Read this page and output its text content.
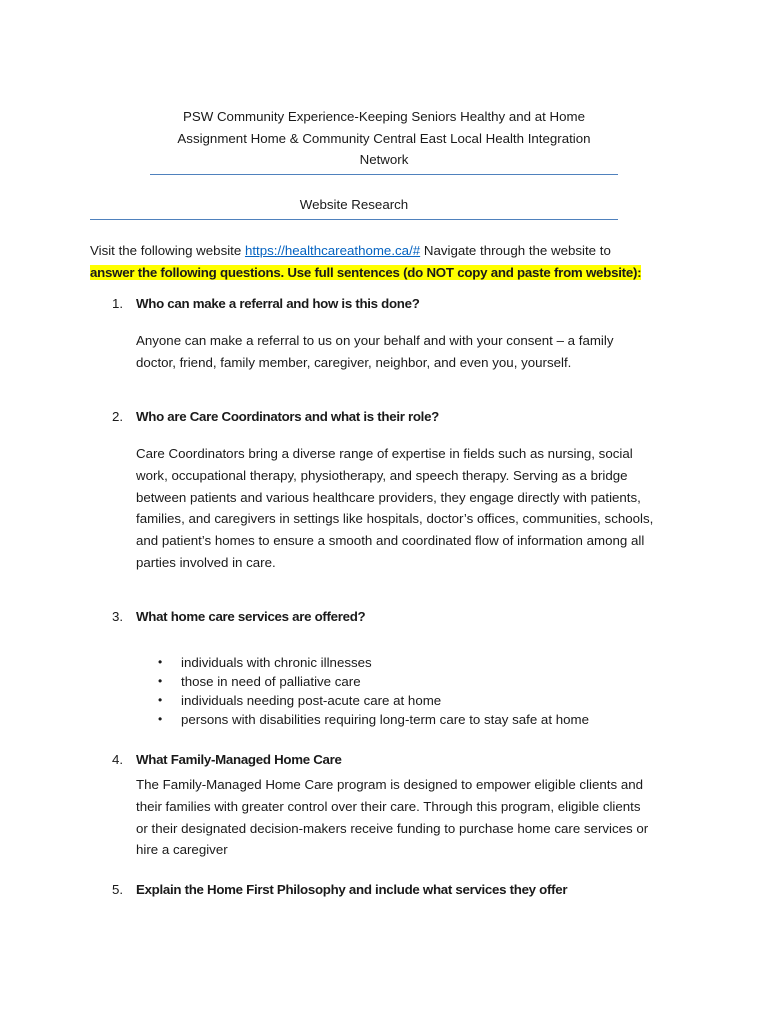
PSW Community Experience-Keeping Seniors Healthy and at Home
Assignment Home & Community Central East Local Health Integration
Network
Website Research
Visit the following website https://healthcareathome.ca/# Navigate through the website to
answer the following questions. Use full sentences (do NOT copy and paste from website):
1. Who can make a referral and how is this done?
Anyone can make a referral to us on your behalf and with your consent – a family
doctor, friend, family member, caregiver, neighbor, and even you, yourself.
2. Who are Care Coordinators and what is their role?
Care Coordinators bring a diverse range of expertise in fields such as nursing, social
work, occupational therapy, physiotherapy, and speech therapy. Serving as a bridge
between patients and various healthcare providers, they engage directly with patients,
families, and caregivers in settings like hospitals, doctor’s offices, communities, schools,
and patient’s homes to ensure a smooth and coordinated flow of information among all
parties involved in care.
3. What home care services are offered?
• individuals with chronic illnesses
• those in need of palliative care
• individuals needing post-acute care at home
• persons with disabilities requiring long-term care to stay safe at home
4. What Family-Managed Home Care
The Family-Managed Home Care program is designed to empower eligible clients and
their families with greater control over their care. Through this program, eligible clients
or their designated decision-makers receive funding to purchase home care services or
hire a caregiver
5. Explain the Home First Philosophy and include what services they offer
